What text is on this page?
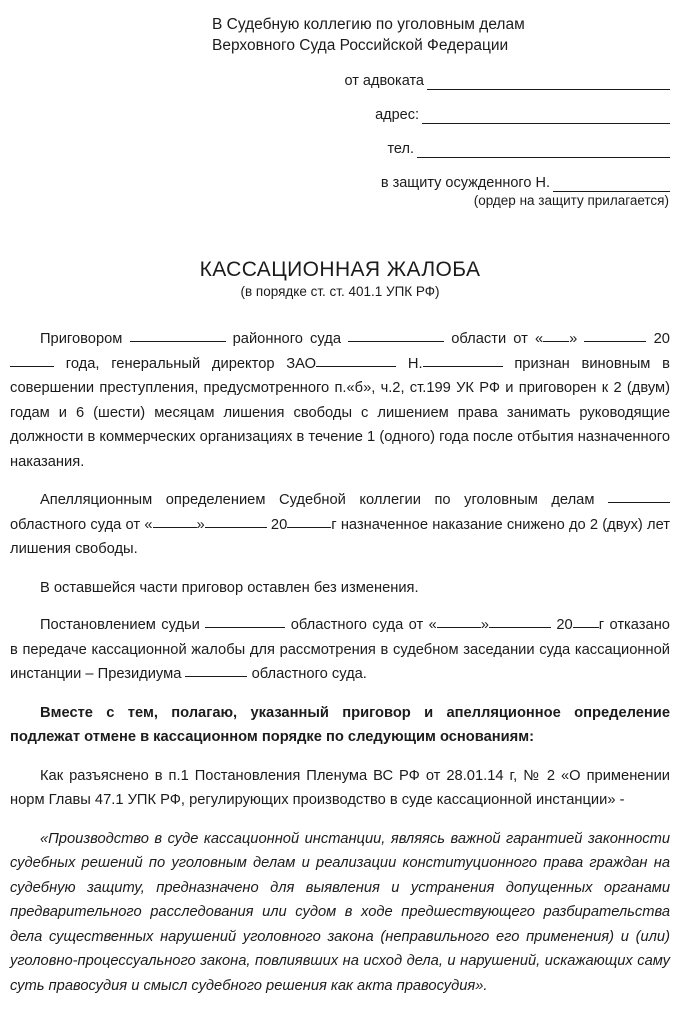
В Судебную коллегию по уголовным делам
Верховного Суда Российской Федерации
от адвоката
адрес:
тел.
в защиту осужденного Н.
(ордер на защиту прилагается)
КАССАЦИОННАЯ ЖАЛОБА
(в порядке ст. ст. 401.1 УПК РФ)

Приговором	районного суда	области от « »	20 года, генеральный директор ЗАО	Н.	признан виновным в совершении преступления, предусмотренного п.«б», ч.2, ст.199 УК РФ и приговорен к 2 (двум) годам и 6 (шести) месяцам лишения свободы с лишением права занимать руководящие должности в коммерческих организациях в течение 1 (одного) года после отбытия назначенного наказания.

Апелляционным определением Судебной коллегии по уголовным делам  областного суда от «	»	20	г назначенное наказание снижено до 2 (двух) лет лишения свободы.

В оставшейся части приговор оставлен без изменения.

Постановлением судьи	областного суда от «	»	20 г отказано в передаче кассационной жалобы для рассмотрения в судебном заседании суда кассационной инстанции – Президиума	областного суда.

Вместе с тем, полагаю, указанный приговор и апелляционное определение подлежат отмене в кассационном порядке по следующим основаниям:

Как разъяснено в п.1 Постановления Пленума ВС РФ от 28.01.14 г, № 2 «О применении норм Главы 47.1 УПК РФ, регулирующих производство в суде кассационной инстанции» -

«Производство в суде кассационной инстанции, являясь важной гарантией законности судебных решений по уголовным делам и реализации конституционного права граждан на судебную защиту, предназначено для выявления и устранения допущенных органами предварительного расследования или судом в ходе предшествующего разбирательства дела существенных нарушений уголовного закона (неправильного его применения) и (или) уголовно-процессуального закона, повлиявших на исход дела, и нарушений, искажающих саму суть правосудия и смысл судебного решения как акта правосудия».
